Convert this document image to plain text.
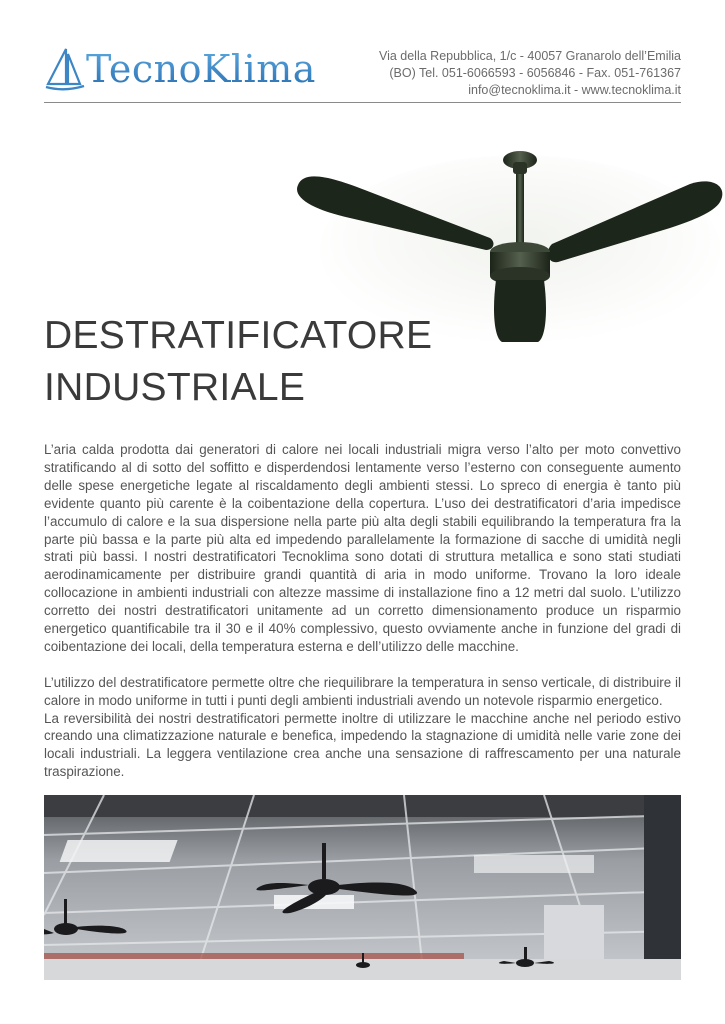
TecnoKlima	Via della Repubblica, 1/c - 40057 Granarolo dell’Emilia
(BO) Tel. 051-6066593 - 6056846 - Fax. 051-761367
info@tecnoklima.it - www.tecnoklima.it
DESTRATIFICATORE
INDUSTRIALE

L’aria calda prodotta dai generatori di calore nei locali industriali migra verso l’alto per moto convettivo stratificando al di sotto del soffitto e disperdendosi lentamente verso l’esterno con conseguente aumento delle spese energetiche legate al riscaldamento degli ambienti stessi. Lo spreco di energia è tanto più evidente quanto più carente è la coibentazione della copertura. L’uso dei destratificatori d’aria impedisce l’accumulo di calore e la sua dispersione nella parte più alta degli stabili equilibrando la temperatura fra la parte più bassa e la parte più alta ed impedendo parallelamente la formazione di sacche di umidità negli strati più bassi. I nostri destratificatori Tecnoklima sono dotati di struttura metallica e sono stati studiati aerodinamicamente per distribuire grandi quantità di aria in modo uniforme. Trovano la loro ideale collocazione in ambienti industriali con altezze massime di installazione fino a 12 metri dal suolo. L’utilizzo corretto dei nostri destratificatori unitamente ad un corretto dimensionamento produce un risparmio energetico quantificabile tra il 30 e il 40% complessivo, questo ovviamente anche in funzione del gradi di coibentazione dei locali, della temperatura esterna e dell’utilizzo delle macchine.

L’utilizzo del destratificatore permette oltre che riequilibrare la temperatura in senso verticale, di distribuire il calore in modo uniforme in tutti i punti degli ambienti industriali avendo un notevole risparmio energetico.

La reversibilità dei nostri destratificatori permette inoltre di utilizzare le macchine anche nel periodo estivo creando una climatizzazione naturale e benefica, impedendo la stagnazione di umidità nelle varie zone dei locali industriali. La leggera ventilazione crea anche una sensazione di raffrescamento per una naturale traspirazione.
